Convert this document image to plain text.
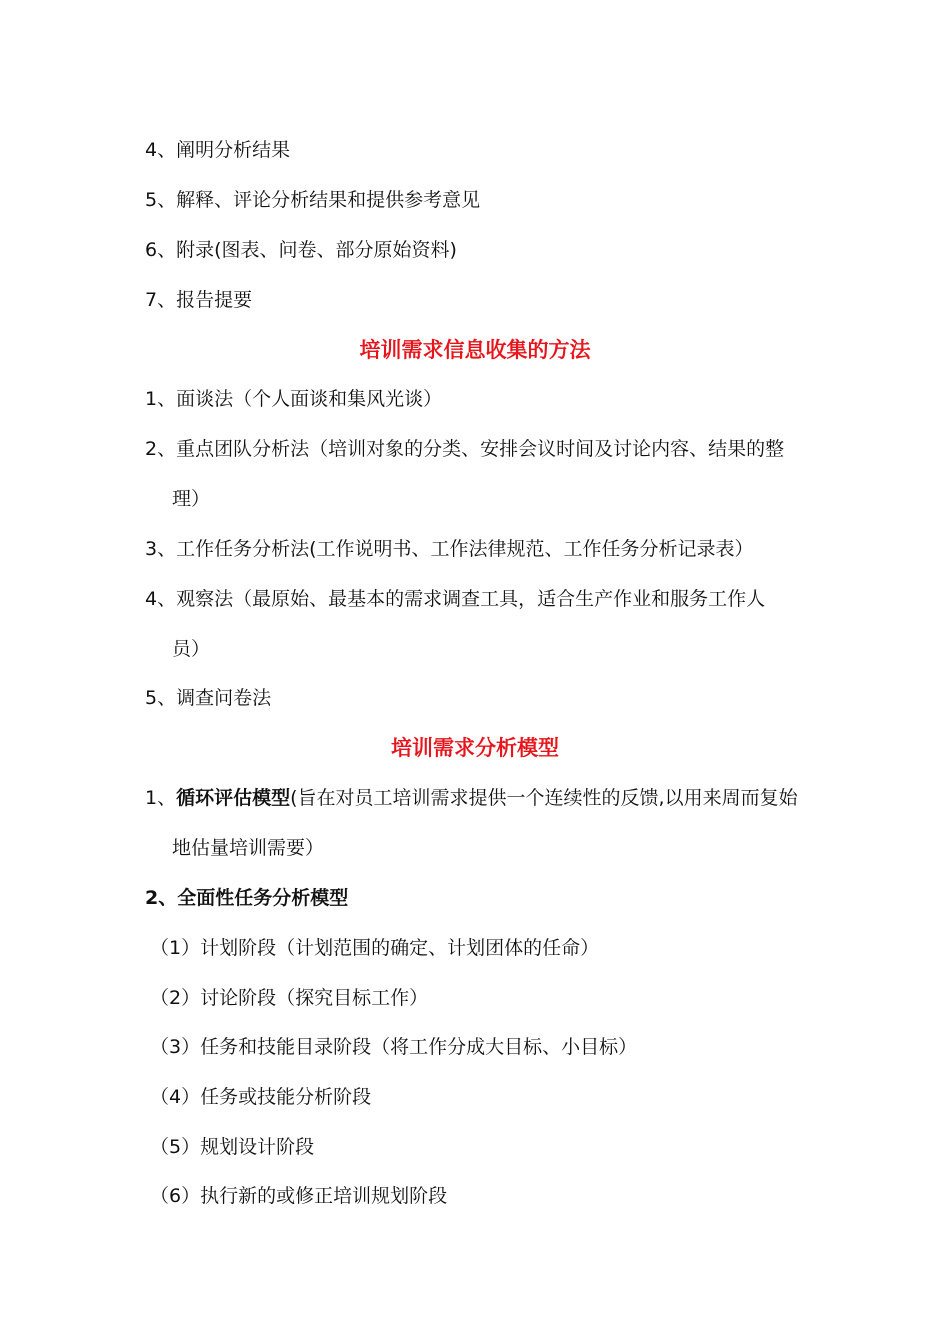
4、阐明分析结果
5、解释、评论分析结果和提供参考意见
6、附录(图表、问卷、部分原始资料)
7、报告提要
培训需求信息收集的方法
1、面谈法（个人面谈和集风光谈）
2、重点团队分析法（培训对象的分类、安排会议时间及讨论内容、结果的整
理）
3、工作任务分析法(工作说明书、工作法律规范、工作任务分析记录表）
4、观察法（最原始、最基本的需求调查工具，适合生产作业和服务工作人
员）
5、调查问卷法
培训需求分析模型
1、循环评估模型(旨在对员工培训需求提供一个连续性的反馈,以用来周而复始
地估量培训需要）
2、全面性任务分析模型
（1）计划阶段（计划范围的确定、计划团体的任命）
（2）讨论阶段（探究目标工作）
（3）任务和技能目录阶段（将工作分成大目标、小目标）
（4）任务或技能分析阶段
（5）规划设计阶段
（6）执行新的或修正培训规划阶段
